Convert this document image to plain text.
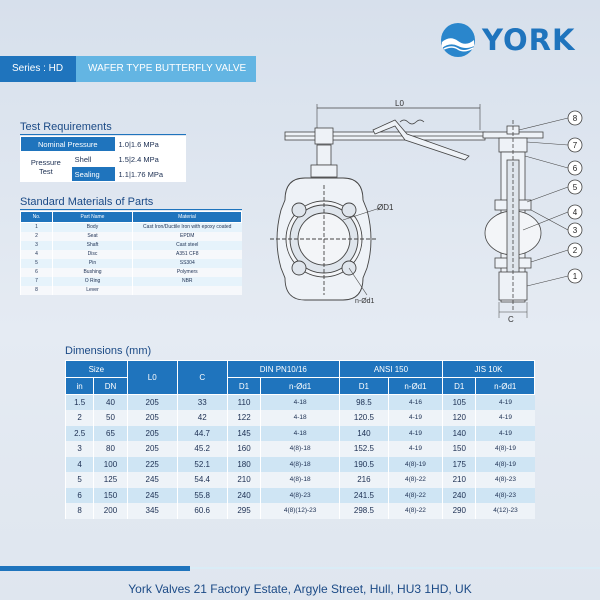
YORK
Series : HD	WAFER TYPE BUTTERFLY VALVE
Test Requirements
Nominal Pressure		1.0|1.6 MPa
Pressure
Test	Shell	1.5|2.4 MPa
	Sealing	1.1|1.76 MPa
Standard Materials of Parts
No.	Part Name	Material
1	Body	Cast Iron/Ductile Iron with epoxy coated
2	Seat	EPDM
3	Shaft	Cast steel
4	Disc	A351 CF8
5	Pin	SS304
6	Bushing	Polymers
7	O Ring	NBR
8	Lever	
L0
ØD1
n-Ød1
C
8
7
6
5
4
3
2
1
Dimensions (mm)
Size		L0	C	DIN PN10/16		ANSI 150		JIS 10K	
in	DN			D1	n-Ød1	D1	n-Ød1	D1	n-Ød1
1.5	40	205	33	110	4-18	98.5	4-16	105	4-19
2	50	205	42	122	4-18	120.5	4-19	120	4-19
2.5	65	205	44.7	145	4-18	140	4-19	140	4-19
3	80	205	45.2	160	4(8)-18	152.5	4-19	150	4(8)-19
4	100	225	52.1	180	4(8)-18	190.5	4(8)-19	175	4(8)-19
5	125	245	54.4	210	4(8)-18	216	4(8)-22	210	4(8)-23
6	150	245	55.8	240	4(8)-23	241.5	4(8)-22	240	4(8)-23
8	200	345	60.6	295	4(8)(12)-23	298.5	4(8)-22	290	4(12)-23
York Valves 21 Factory Estate, Argyle Street, Hull, HU3 1HD, UK
